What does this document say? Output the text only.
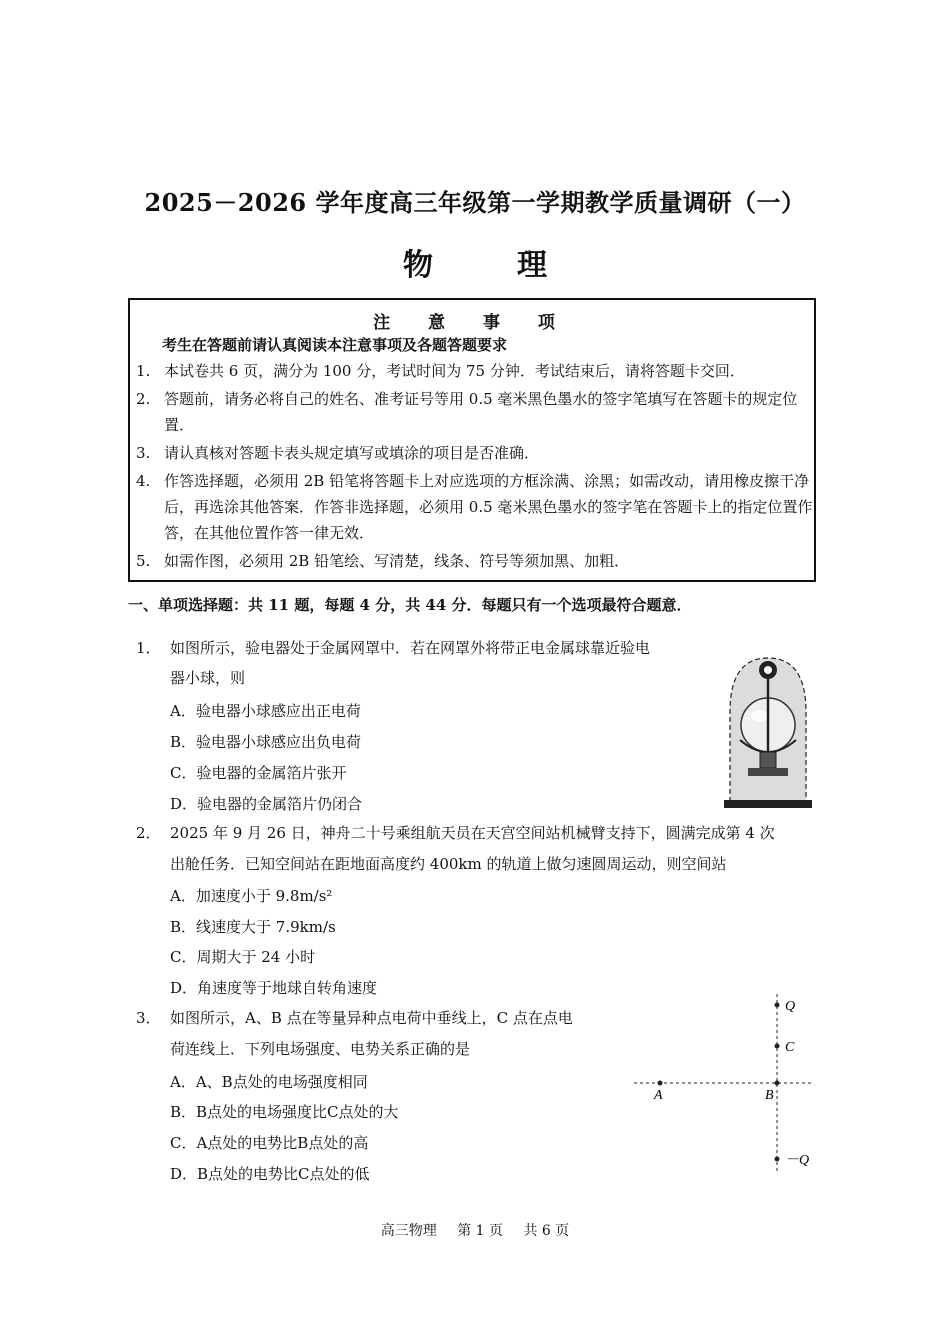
2025－2026 学年度高三年级第一学期教学质量调研（一）
物	理
注 意 事 项
考生在答题前请认真阅读本注意事项及各题答题要求
1. 本试卷共 6 页，满分为 100 分，考试时间为 75 分钟．考试结束后，请将答题卡交回．
2. 答题前，请务必将自己的姓名、准考证号等用 0.5 毫米黑色墨水的签字笔填写在答题卡的规定位置．
3. 请认真核对答题卡表头规定填写或填涂的项目是否准确．
4. 作答选择题，必须用 2B 铅笔将答题卡上对应选项的方框涂满、涂黑；如需改动，请用橡皮擦干净后，再选涂其他答案．作答非选择题，必须用 0.5 毫米黑色墨水的签字笔在答题卡上的指定位置作答，在其他位置作答一律无效．
5. 如需作图，必须用 2B 铅笔绘、写清楚，线条、符号等须加黑、加粗．
一、单项选择题：共 11 题，每题 4 分，共 44 分．每题只有一个选项最符合题意．
1． 如图所示，验电器处于金属网罩中．若在网罩外将带正电金属球靠近验电
器小球，则
A．验电器小球感应出正电荷
B．验电器小球感应出负电荷
C．验电器的金属箔片张开
D．验电器的金属箔片仍闭合
2． 2025 年 9 月 26 日，神舟二十号乘组航天员在天宫空间站机械臂支持下，圆满完成第 4 次
出舱任务．已知空间站在距地面高度约 400km 的轨道上做匀速圆周运动，则空间站
A．加速度小于 9.8m/s²
B．线速度大于 7.9km/s
C．周期大于 24 小时
D．角速度等于地球自转角速度
3． 如图所示，A、B 点在等量异种点电荷中垂线上，C 点在点电
荷连线上．下列电场强度、电势关系正确的是
A．A、B点处的电场强度相同
B．B点处的电场强度比C点处的大
C．A点处的电势比B点处的高
D．B点处的电势比C点处的低
Q
C
A	B
－Q
高三物理 第 1 页 共 6 页
